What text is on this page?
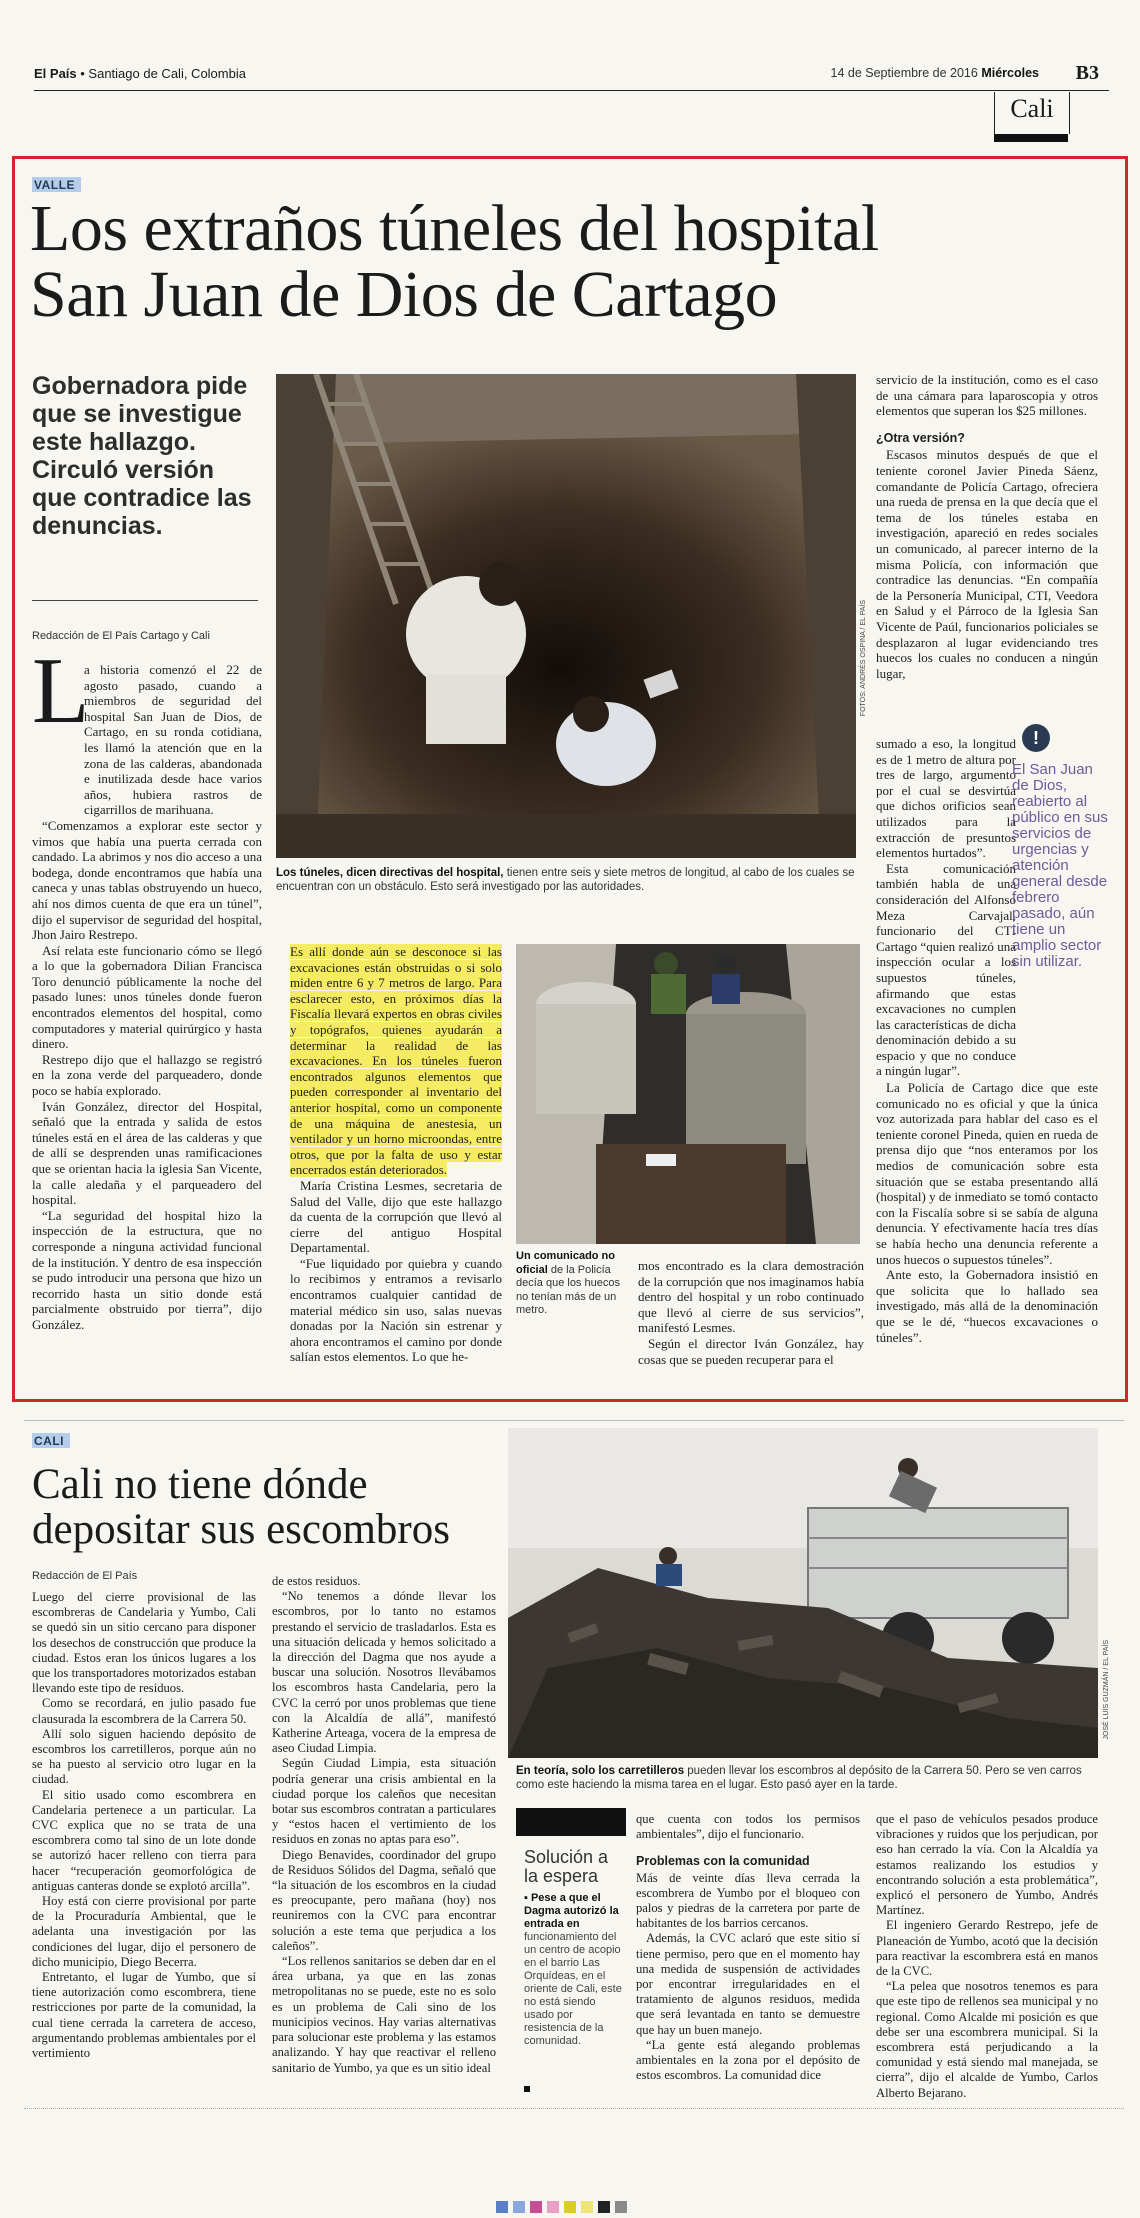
El País • Santiago de Cali, Colombia	14 de Septiembre de 2016 Miércoles B3
Cali
VALLE
Los extraños túneles del hospital
San Juan de Dios de Cartago
Gobernadora pide que se investigue este hallazgo. Circuló versión que contradice las denuncias.
Redacción de El País Cartago y Cali
L

a historia comenzó el 22 de agosto pasado, cuando a miembros de seguridad del hospital San Juan de Dios, de Cartago, en su ronda cotidiana, les llamó la atención que en la zona de las calderas, abandonada e inutilizada desde hace varios años, hubiera rastros de cigarrillos de marihuana.

“Comenzamos a explorar este sector y vimos que había una puerta cerrada con candado. La abrimos y nos dio acceso a una bodega, donde encontramos que había una caneca y unas tablas obstruyendo un hueco, ahí nos dimos cuenta de que era un túnel”, dijo el supervisor de seguridad del hospital, Jhon Jairo Restrepo.

Así relata este funcionario cómo se llegó a lo que la gobernadora Dilian Francisca Toro denunció públicamente la noche del pasado lunes: unos túneles donde fueron encontrados elementos del hospital, como computadores y material quirúrgico y hasta dinero.

Restrepo dijo que el hallazgo se registró en la zona verde del parqueadero, donde poco se había explorado.

Iván González, director del Hospital, señaló que la entrada y salida de estos túneles está en el área de las calderas y que de allí se desprenden unas ramificaciones que se orientan hacia la iglesia San Vicente, la calle aledaña y el parqueadero del hospital.

“La seguridad del hospital hizo la inspección de la estructura, que no corresponde a ninguna actividad funcional de la institución. Y dentro de esa inspección se pudo introducir una persona que hizo un recorrido hasta un sitio donde está parcialmente obstruido por tierra”, dijo González.

FOTOS: ANDRÉS OSPINA / EL PAÍS
Los túneles, dicen directivas del hospital, tienen entre seis y siete metros de longitud, al cabo de los cuales se encuentran con un obstáculo. Esto será investigado por las autoridades.

Es allí donde aún se desconoce si las excavaciones están obstruidas o si solo miden entre 6 y 7 metros de largo. Para esclarecer esto, en próximos días la Fiscalía llevará expertos en obras civiles y topógrafos, quienes ayudarán a determinar la realidad de las excavaciones. En los túneles fueron encontrados algunos elementos que pueden corresponder al inventario del anterior hospital, como un componente de una máquina de anestesia, un ventilador y un horno microondas, entre otros, que por la falta de uso y estar encerrados están deteriorados.

María Cristina Lesmes, secretaria de Salud del Valle, dijo que este hallazgo da cuenta de la corrupción que llevó al cierre del antiguo Hospital Departamental.

“Fue liquidado por quiebra y cuando lo recibimos y entramos a revisarlo encontramos cualquier cantidad de material médico sin uso, salas nuevas donadas por la Nación sin estrenar y ahora encontramos el camino por donde salían estos elementos. Lo que he-

Un comunicado no oficial de la Policía decía que los huecos no tenían más de un metro.

mos encontrado es la clara demostración de la corrupción que nos imaginamos había dentro del hospital y un robo continuado que llevó al cierre de sus servicios”, manifestó Lesmes.

Según el director Iván González, hay cosas que se pueden recuperar para el

servicio de la institución, como es el caso de una cámara para laparoscopia y otros elementos que superan los $25 millones.

¿Otra versión?

Escasos minutos después de que el teniente coronel Javier Pineda Sáenz, comandante de Policía Cartago, ofreciera una rueda de prensa en la que decía que el tema de los túneles estaba en investigación, apareció en redes sociales un comunicado, al parecer interno de la misma Policía, con información que contradice las denuncias. “En compañía de la Personería Municipal, CTI, Veedora en Salud y el Párroco de la Iglesia San Vicente de Paúl, funcionarios policiales se desplazaron al lugar evidenciando tres huecos los cuales no conducen a ningún lugar,

sumado a eso, la longitud es de 1 metro de altura por tres de largo, argumento por el cual se desvirtúa que dichos orificios sean utilizados para la extracción de presuntos elementos hurtados”.

Esta comunicación también habla de una consideración del Alfonso Meza Carvajal, funcionario del CTI Cartago “quien realizó una inspección ocular a los supuestos túneles, afirmando que estas excavaciones no cumplen las características de dicha denominación debido a su espacio y que no conduce a ningún lugar”.

La Policía de Cartago dice que este comunicado no es oficial y que la única voz autorizada para hablar del caso es el teniente coronel Pineda, quien en rueda de prensa dijo que “nos enteramos por los medios de comunicación sobre esta situación que se estaba presentando allá (hospital) y de inmediato se tomó contacto con la Fiscalía sobre si se sabía de alguna denuncia. Y efectivamente hacía tres días se había hecho una denuncia referente a unos huecos o supuestos túneles”.

Ante esto, la Gobernadora insistió en que solicita que lo hallado sea investigado, más allá de la denominación que se le dé, “huecos excavaciones o túneles”.

!
El San Juan de Dios, reabierto al público en sus servicios de urgencias y atención general desde febrero pasado, aún tiene un amplio sector sin utilizar.
CALI
Cali no tiene dónde depositar sus escombros
Redacción de El País

Luego del cierre provisional de las escombreras de Candelaria y Yumbo, Cali se quedó sin un sitio cercano para disponer los desechos de construcción que produce la ciudad. Estos eran los únicos lugares a los que los transportadores motorizados estaban llevando este tipo de residuos.

Como se recordará, en julio pasado fue clausurada la escombrera de la Carrera 50.

Allí solo siguen haciendo depósito de escombros los carretilleros, porque aún no se ha puesto al servicio otro lugar en la ciudad.

El sitio usado como escombrera en Candelaria pertenece a un particular. La CVC explica que no se trata de una escombrera como tal sino de un lote donde se autorizó hacer relleno con tierra para hacer “recuperación geomorfológica de antiguas canteras donde se explotó arcilla”.

Hoy está con cierre provisional por parte de la Procuraduría Ambiental, que le adelanta una investigación por las condiciones del lugar, dijo el personero de dicho municipio, Diego Becerra.

Entretanto, el lugar de Yumbo, que sí tiene autorización como escombrera, tiene restricciones por parte de la comunidad, la cual tiene cerrada la carretera de acceso, argumentando problemas ambientales por el vertimiento

de estos residuos.

“No tenemos a dónde llevar los escombros, por lo tanto no estamos prestando el servicio de trasladarlos. Esta es una situación delicada y hemos solicitado a la dirección del Dagma que nos ayude a buscar una solución. Nosotros llevábamos los escombros hasta Candelaria, pero la CVC la cerró por unos problemas que tiene con la Alcaldía de allá”, manifestó Katherine Arteaga, vocera de la empresa de aseo Ciudad Limpia.

Según Ciudad Limpia, esta situación podría generar una crisis ambiental en la ciudad porque los caleños que necesitan botar sus escombros contratan a particulares y “estos hacen el vertimiento de los residuos en zonas no aptas para eso”.

Diego Benavides, coordinador del grupo de Residuos Sólidos del Dagma, señaló que “la situación de los escombros en la ciudad es preocupante, pero mañana (hoy) nos reuniremos con la CVC para encontrar solución a este tema que perjudica a los caleños”.

“Los rellenos sanitarios se deben dar en el área urbana, ya que en las zonas metropolitanas no se puede, este no es solo es un problema de Cali sino de los municipios vecinos. Hay varias alternativas para solucionar este problema y las estamos analizando. Y hay que reactivar el relleno sanitario de Yumbo, ya que es un sitio ideal

JOSÉ LUIS GUZMÁN / EL PAÍS
En teoría, solo los carretilleros pueden llevar los escombros al depósito de la Carrera 50. Pero se ven carros como este haciendo la misma tarea en el lugar. Esto pasó ayer en la tarde.
Solución a la espera
▪ Pese a que el Dagma autorizó la entrada en funcionamiento del un centro de acopio en el barrio Las Orquídeas, en el oriente de Cali, este no está siendo usado por resistencia de la comunidad.

que cuenta con todos los permisos ambientales”, dijo el funcionario.

Problemas con la comunidad

Más de veinte días lleva cerrada la escombrera de Yumbo por el bloqueo con palos y piedras de la carretera por parte de habitantes de los barrios cercanos.

Además, la CVC aclaró que este sitio sí tiene permiso, pero que en el momento hay una medida de suspensión de actividades por encontrar irregularidades en el tratamiento de algunos residuos, medida que será levantada en tanto se demuestre que hay un buen manejo.

“La gente está alegando problemas ambientales en la zona por el depósito de estos escombros. La comunidad dice

que el paso de vehículos pesados produce vibraciones y ruidos que los perjudican, por eso han cerrado la vía. Con la Alcaldía ya estamos realizando los estudios y encontrando solución a esta problemática”, explicó el personero de Yumbo, Andrés Martínez.

El ingeniero Gerardo Restrepo, jefe de Planeación de Yumbo, acotó que la decisión para reactivar la escombrera está en manos de la CVC.

“La pelea que nosotros tenemos es para que este tipo de rellenos sea municipal y no regional. Como Alcalde mi posición es que debe ser una escombrera municipal. Si la escombrera está perjudicando a la comunidad y está siendo mal manejada, se cierra”, dijo el alcalde de Yumbo, Carlos Alberto Bejarano.
